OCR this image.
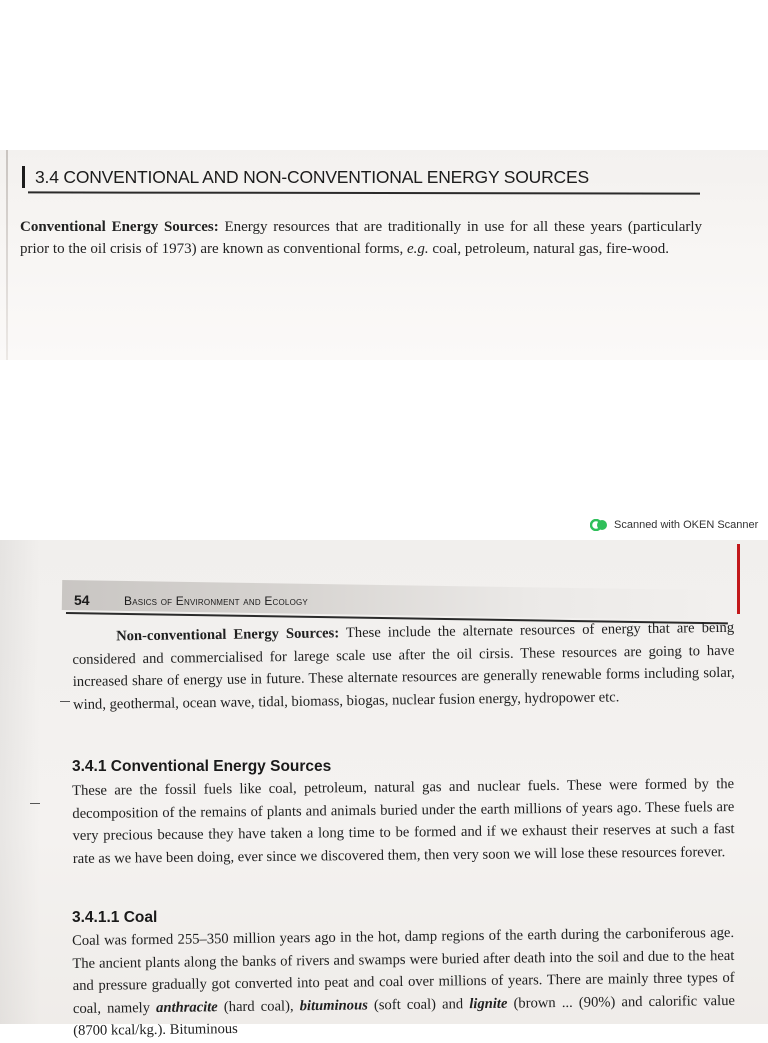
3.4 CONVENTIONAL AND NON-CONVENTIONAL ENERGY SOURCES
Conventional Energy Sources: Energy resources that are traditionally in use for all these years (particularly prior to the oil crisis of 1973) are known as conventional forms, e.g. coal, petroleum, natural gas, fire-wood.
Scanned with OKEN Scanner
54	Basics of Environment and Ecology
Non-conventional Energy Sources: These include the alternate resources of energy that are being considered and commercialised for larege scale use after the oil cirsis. These resources are going to have increased share of energy use in future. These alternate resources are generally renewable forms including solar, wind, geothermal, ocean wave, tidal, biomass, biogas, nuclear fusion energy, hydropower etc.
3.4.1 Conventional Energy Sources
These are the fossil fuels like coal, petroleum, natural gas and nuclear fuels. These were formed by the decomposition of the remains of plants and animals buried under the earth millions of years ago. These fuels are very precious because they have taken a long time to be formed and if we exhaust their reserves at such a fast rate as we have been doing, ever since we discovered them, then very soon we will lose these resources forever.
3.4.1.1 Coal
Coal was formed 255–350 million years ago in the hot, damp regions of the earth during the carboniferous age. The ancient plants along the banks of rivers and swamps were buried after death into the soil and due to the heat and pressure gradually got converted into peat and coal over millions of years. There are mainly three types of coal, namely anthracite (hard coal), bituminous (soft coal) and lignite (brown ... (90%) and calorific value (8700 kcal/kg.). Bituminous
